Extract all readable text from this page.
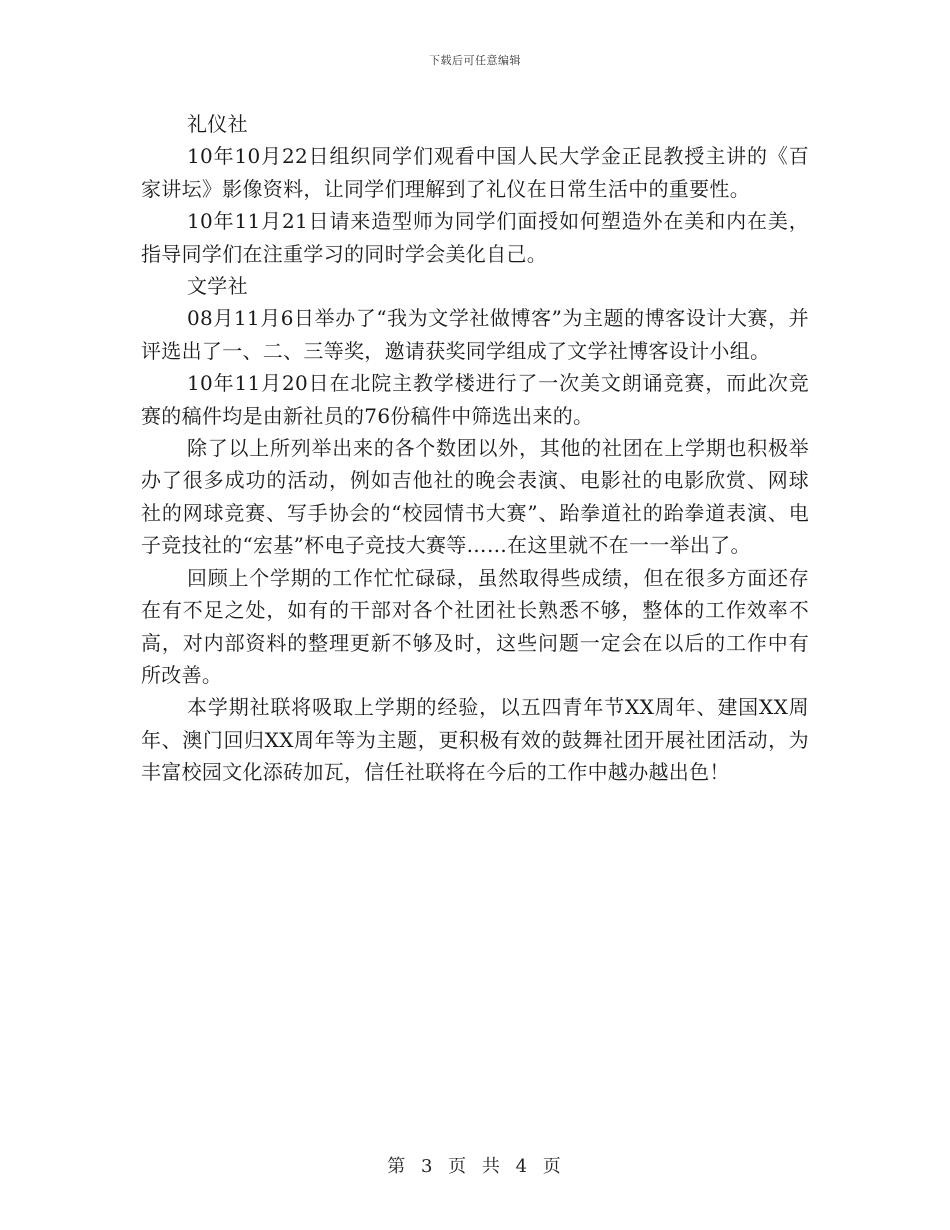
下载后可任意编辑

礼仪社

10年10月22日组织同学们观看中国人民大学金正昆教授主讲的《百家讲坛》影像资料，让同学们理解到了礼仪在日常生活中的重要性。

10年11月21日请来造型师为同学们面授如何塑造外在美和内在美，指导同学们在注重学习的同时学会美化自己。

文学社

08月11月6日举办了“我为文学社做博客”为主题的博客设计大赛，并评选出了一、二、三等奖，邀请获奖同学组成了文学社博客设计小组。

10年11月20日在北院主教学楼进行了一次美文朗诵竞赛，而此次竞赛的稿件均是由新社员的76份稿件中筛选出来的。

除了以上所列举出来的各个数团以外，其他的社团在上学期也积极举办了很多成功的活动，例如吉他社的晚会表演、电影社的电影欣赏、网球社的网球竞赛、写手协会的“校园情书大赛”、跆拳道社的跆拳道表演、电子竞技社的“宏基”杯电子竞技大赛等……在这里就不在一一举出了。

回顾上个学期的工作忙忙碌碌，虽然取得些成绩，但在很多方面还存在有不足之处，如有的干部对各个社团社长熟悉不够，整体的工作效率不高，对内部资料的整理更新不够及时，这些问题一定会在以后的工作中有所改善。

本学期社联将吸取上学期的经验，以五四青年节XX周年、建国XX周年、澳门回归XX周年等为主题，更积极有效的鼓舞社团开展社团活动，为丰富校园文化添砖加瓦，信任社联将在今后的工作中越办越出色！

第 3 页 共 4 页
